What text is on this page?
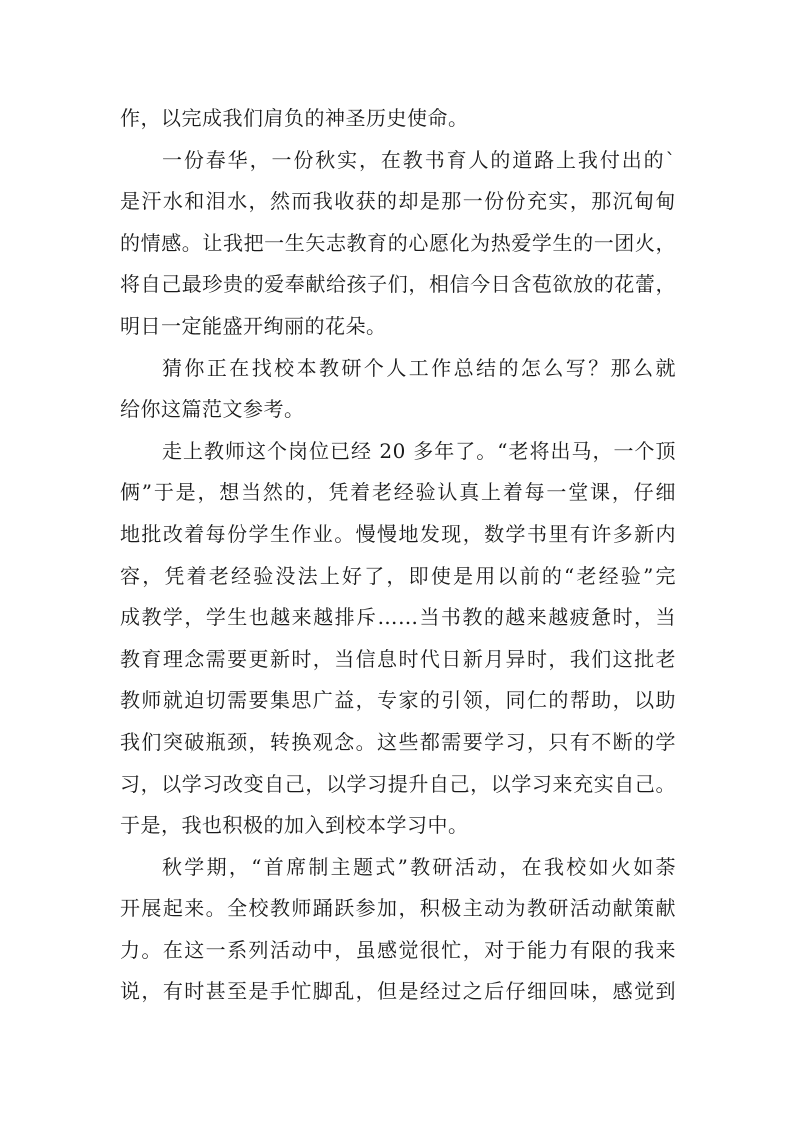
作，以完成我们肩负的神圣历史使命。
一份春华，一份秋实，在教书育人的道路上我付出的`
是汗水和泪水，然而我收获的却是那一份份充实，那沉甸甸
的情感。让我把一生矢志教育的心愿化为热爱学生的一团火，
将自己最珍贵的爱奉献给孩子们，相信今日含苞欲放的花蕾，
明日一定能盛开绚丽的花朵。
猜你正在找校本教研个人工作总结的怎么写？那么就
给你这篇范文参考。
走上教师这个岗位已经 20 多年了。“老将出马，一个顶
俩”于是，想当然的，凭着老经验认真上着每一堂课，仔细
地批改着每份学生作业。慢慢地发现，数学书里有许多新内
容，凭着老经验没法上好了，即使是用以前的“老经验”完
成教学，学生也越来越排斥……当书教的越来越疲惫时，当
教育理念需要更新时，当信息时代日新月异时，我们这批老
教师就迫切需要集思广益，专家的引领，同仁的帮助，以助
我们突破瓶颈，转换观念。这些都需要学习，只有不断的学
习，以学习改变自己，以学习提升自己，以学习来充实自己。
于是，我也积极的加入到校本学习中。
秋学期，“首席制主题式”教研活动，在我校如火如荼
开展起来。全校教师踊跃参加，积极主动为教研活动献策献
力。在这一系列活动中，虽感觉很忙，对于能力有限的我来
说，有时甚至是手忙脚乱，但是经过之后仔细回味，感觉到
